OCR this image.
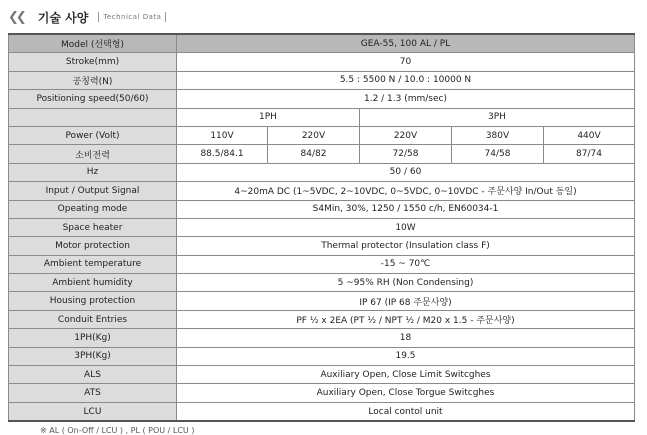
❮❮ 기술 사양 Technical Data
Model (선택형)	GEA-55, 100 AL / PL				
Stroke(mm)	70				
공칭력(N)	5.5 : 5500 N / 10.0 : 10000 N				
Positioning speed(50/60)	1.2 / 1.3 (mm/sec)				
	1PH		3PH		
Power (Volt)	110V	220V	220V	380V	440V
소비전력	88.5/84.1	84/82	72/58	74/58	87/74
Hz	50 / 60				
Input / Output Signal	4~20mA DC (1~5VDC, 2~10VDC, 0~5VDC, 0~10VDC - 주문사양 In/Out 동일)				
Opeating mode	S4Min, 30%, 1250 / 1550 c/h, EN60034-1				
Space heater	10W				
Motor protection	Thermal protector (Insulation class F)				
Ambient temperature	-15 ~ 70℃				
Ambient humidity	5 ~95% RH (Non Condensing)				
Housing protection	IP 67 (IP 68 주문사양)				
Conduit Entries	PF ½ x 2EA (PT ½ / NPT ½ / M20 x 1.5 - 주문사양)				
1PH(Kg)	18				
3PH(Kg)	19.5				
ALS	Auxiliary Open, Close Limit Switcghes				
ATS	Auxiliary Open, Close Torgue Switcghes				
LCU	Local contol unit				
※ AL ( On-Off / LCU ) , PL ( POU / LCU )
